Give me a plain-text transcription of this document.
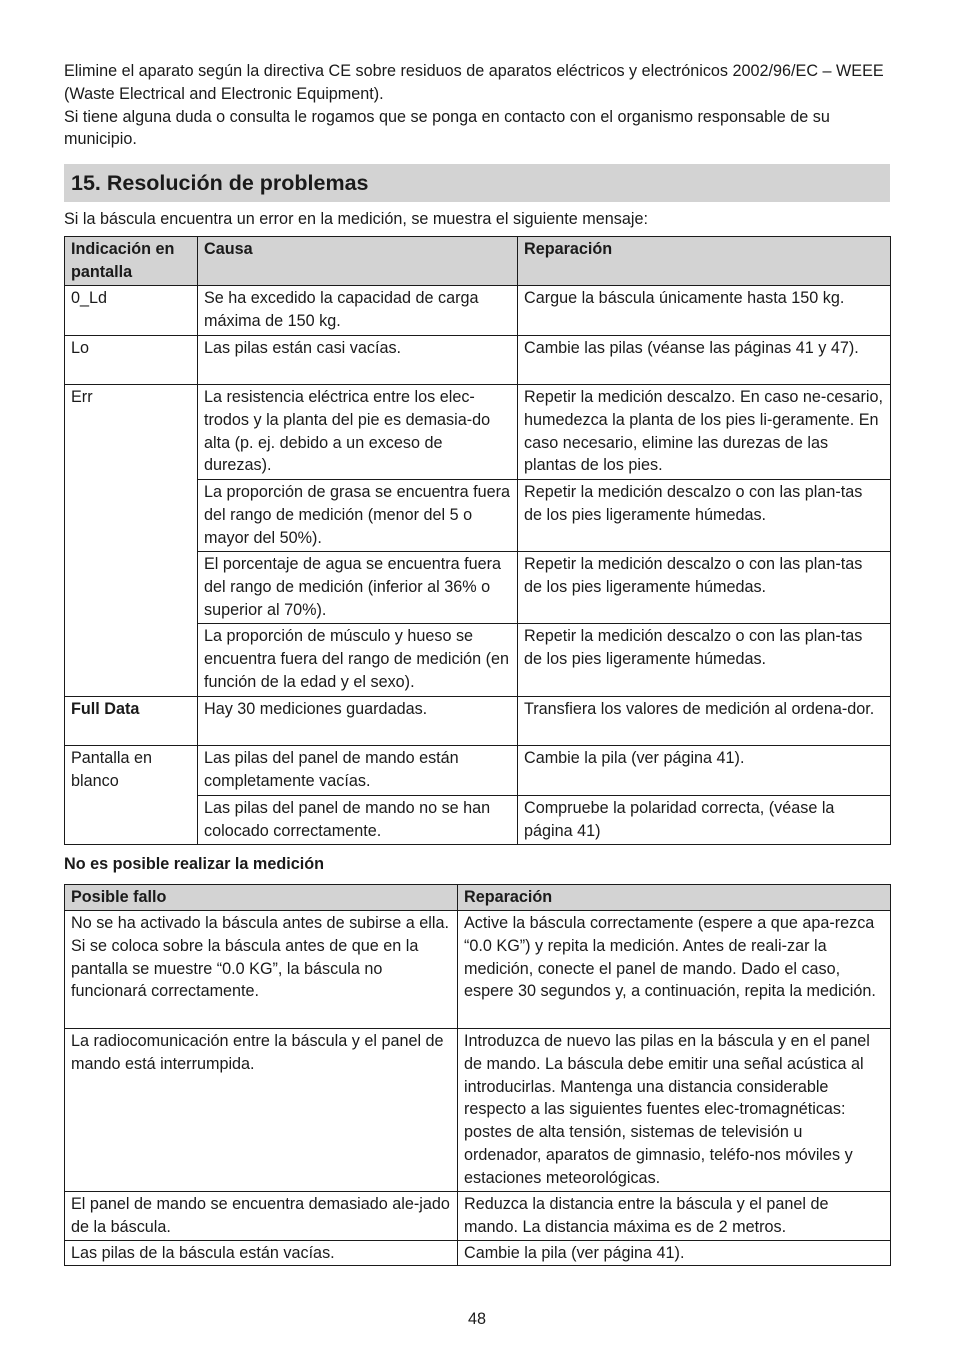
Elimine el aparato según la directiva CE sobre residuos de aparatos eléctricos y electrónicos 2002/96/EC – WEEE (Waste Electrical and Electronic Equipment).

Si tiene alguna duda o consulta le rogamos que se ponga en contacto con el organismo responsable de su municipio.

15. Resolución de problemas
Si la báscula encuentra un error en la medición, se muestra el siguiente mensaje:
Indicación en pantalla	Causa	Reparación
0_Ld	Se ha excedido la capacidad de carga máxima de 150 kg.	Cargue la báscula únicamente hasta 150 kg.
Lo	Las pilas están casi vacías.	Cambie las pilas (véanse las páginas 41 y 47).
Err	La resistencia eléctrica entre los elec-trodos y la planta del pie es demasia-do alta (p. ej. debido a un exceso de durezas).	Repetir la medición descalzo. En caso ne-cesario, humedezca la planta de los pies li-geramente. En caso necesario, elimine las durezas de las plantas de los pies.
	La proporción de grasa se encuentra fuera del rango de medición (menor del 5 o mayor del 50%).	Repetir la medición descalzo o con las plan-tas de los pies ligeramente húmedas.
	El porcentaje de agua se encuentra fuera del rango de medición (inferior al 36% o superior al 70%).	Repetir la medición descalzo o con las plan-tas de los pies ligeramente húmedas.
	La proporción de músculo y hueso se encuentra fuera del rango de medición (en función de la edad y el sexo).	Repetir la medición descalzo o con las plan-tas de los pies ligeramente húmedas.
Full Data	Hay 30 mediciones guardadas.	Transfiera los valores de medición al ordena-dor.
Pantalla en blanco	Las pilas del panel de mando están completamente vacías.	Cambie la pila (ver página 41).
	Las pilas del panel de mando no se han colocado correctamente.	Compruebe la polaridad correcta, (véase la página 41)
No es posible realizar la medición
Posible fallo	Reparación
No se ha activado la báscula antes de subirse a ella. Si se coloca sobre la báscula antes de que en la pantalla se muestre “0.0 KG”, la báscula no funcionará correctamente.	Active la báscula correctamente (espere a que apa-rezca “0.0 KG”) y repita la medición. Antes de reali-zar la medición, conecte el panel de mando. Dado el caso, espere 30 segundos y, a continuación, repita la medición.
La radiocomunicación entre la báscula y el panel de mando está interrumpida.	Introduzca de nuevo las pilas en la báscula y en el panel de mando. La báscula debe emitir una señal acústica al introducirlas. Mantenga una distancia considerable respecto a las siguientes fuentes elec-tromagnéticas: postes de alta tensión, sistemas de televisión u ordenador, aparatos de gimnasio, teléfo-nos móviles y estaciones meteorológicas.
El panel de mando se encuentra demasiado ale-jado de la báscula.	Reduzca la distancia entre la báscula y el panel de mando. La distancia máxima es de 2 metros.
Las pilas de la báscula están vacías.	Cambie la pila (ver página 41).
48
